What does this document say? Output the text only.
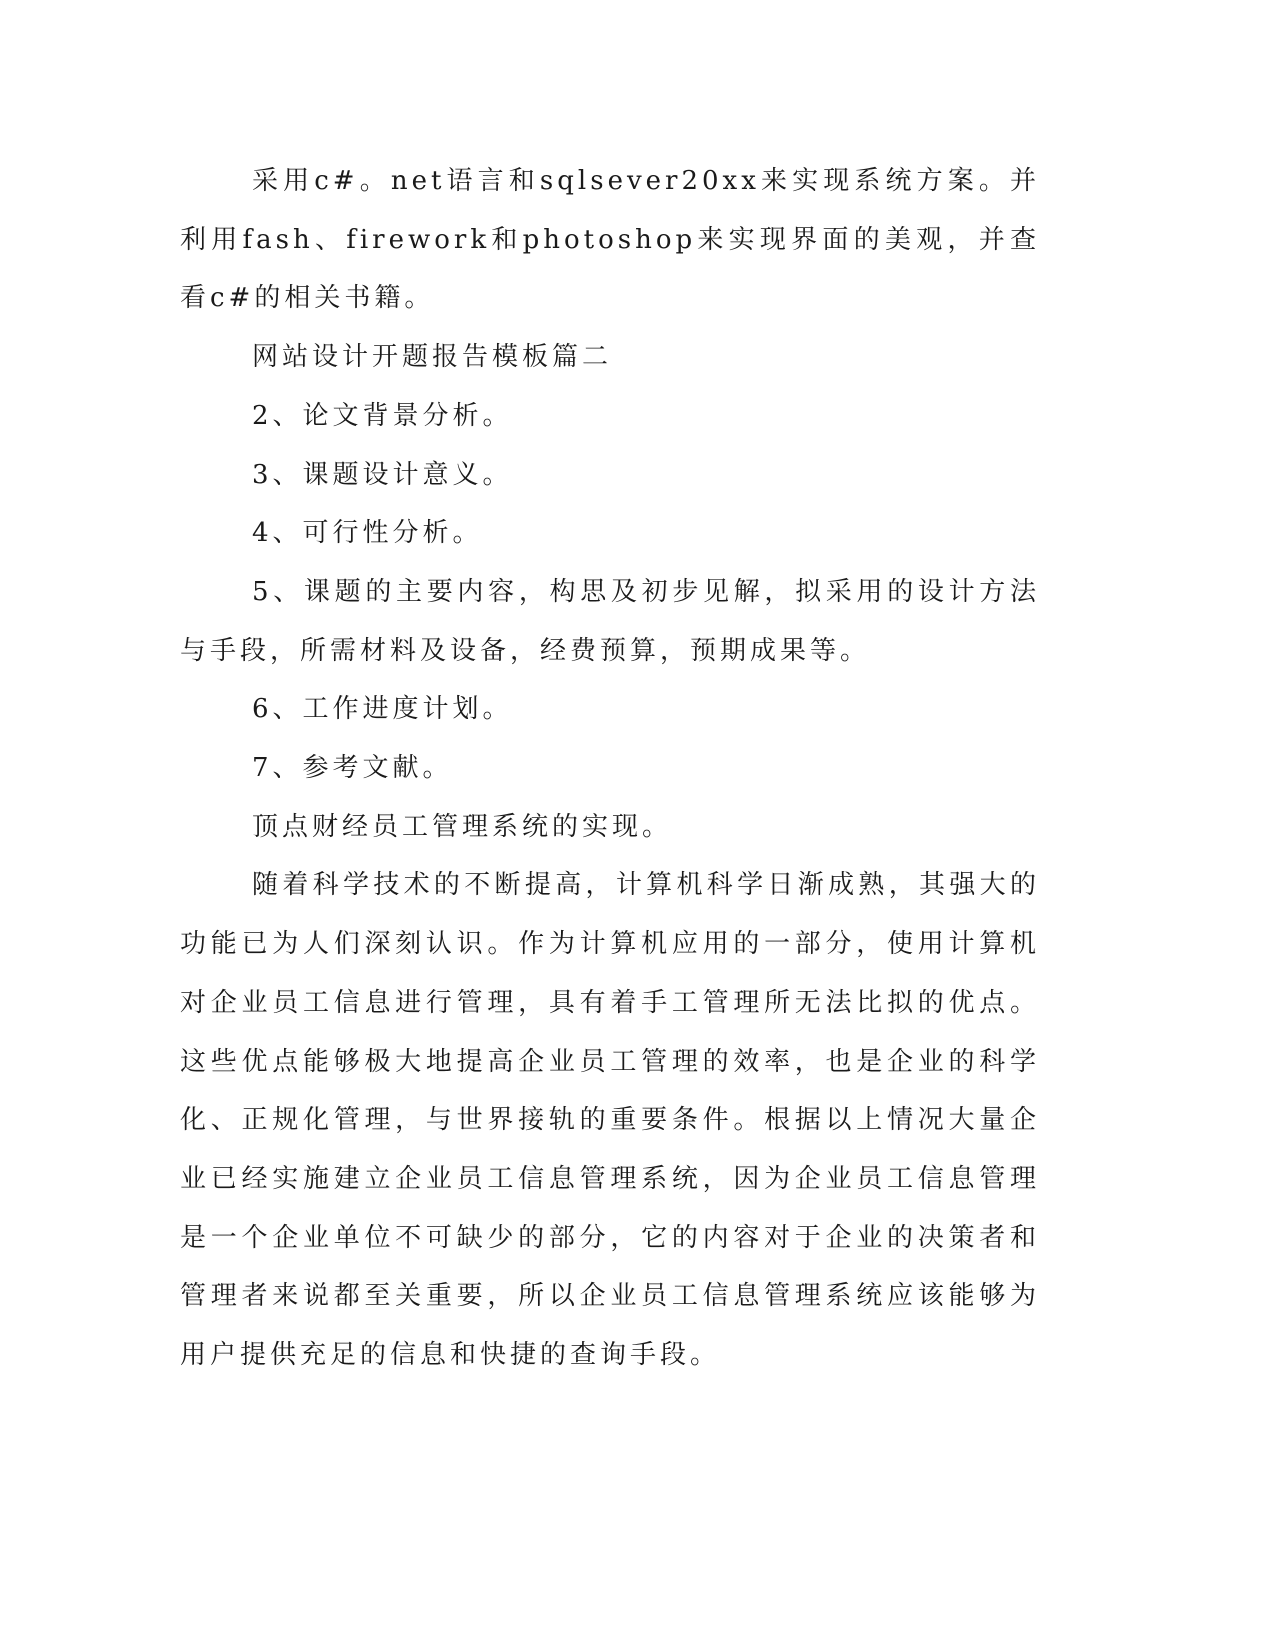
采用c#。net语言和sqlsever20xx来实现系统方案。并利用fash、firework和photoshop来实现界面的美观，并查看c#的相关书籍。

网站设计开题报告模板篇二

2、论文背景分析。

3、课题设计意义。

4、可行性分析。

5、课题的主要内容，构思及初步见解，拟采用的设计方法与手段，所需材料及设备，经费预算，预期成果等。

6、工作进度计划。

7、参考文献。

顶点财经员工管理系统的实现。

随着科学技术的不断提高，计算机科学日渐成熟，其强大的功能已为人们深刻认识。作为计算机应用的一部分，使用计算机对企业员工信息进行管理，具有着手工管理所无法比拟的优点。这些优点能够极大地提高企业员工管理的效率，也是企业的科学化、正规化管理，与世界接轨的重要条件。根据以上情况大量企业已经实施建立企业员工信息管理系统，因为企业员工信息管理是一个企业单位不可缺少的部分，它的内容对于企业的决策者和管理者来说都至关重要，所以企业员工信息管理系统应该能够为用户提供充足的信息和快捷的查询手段。
